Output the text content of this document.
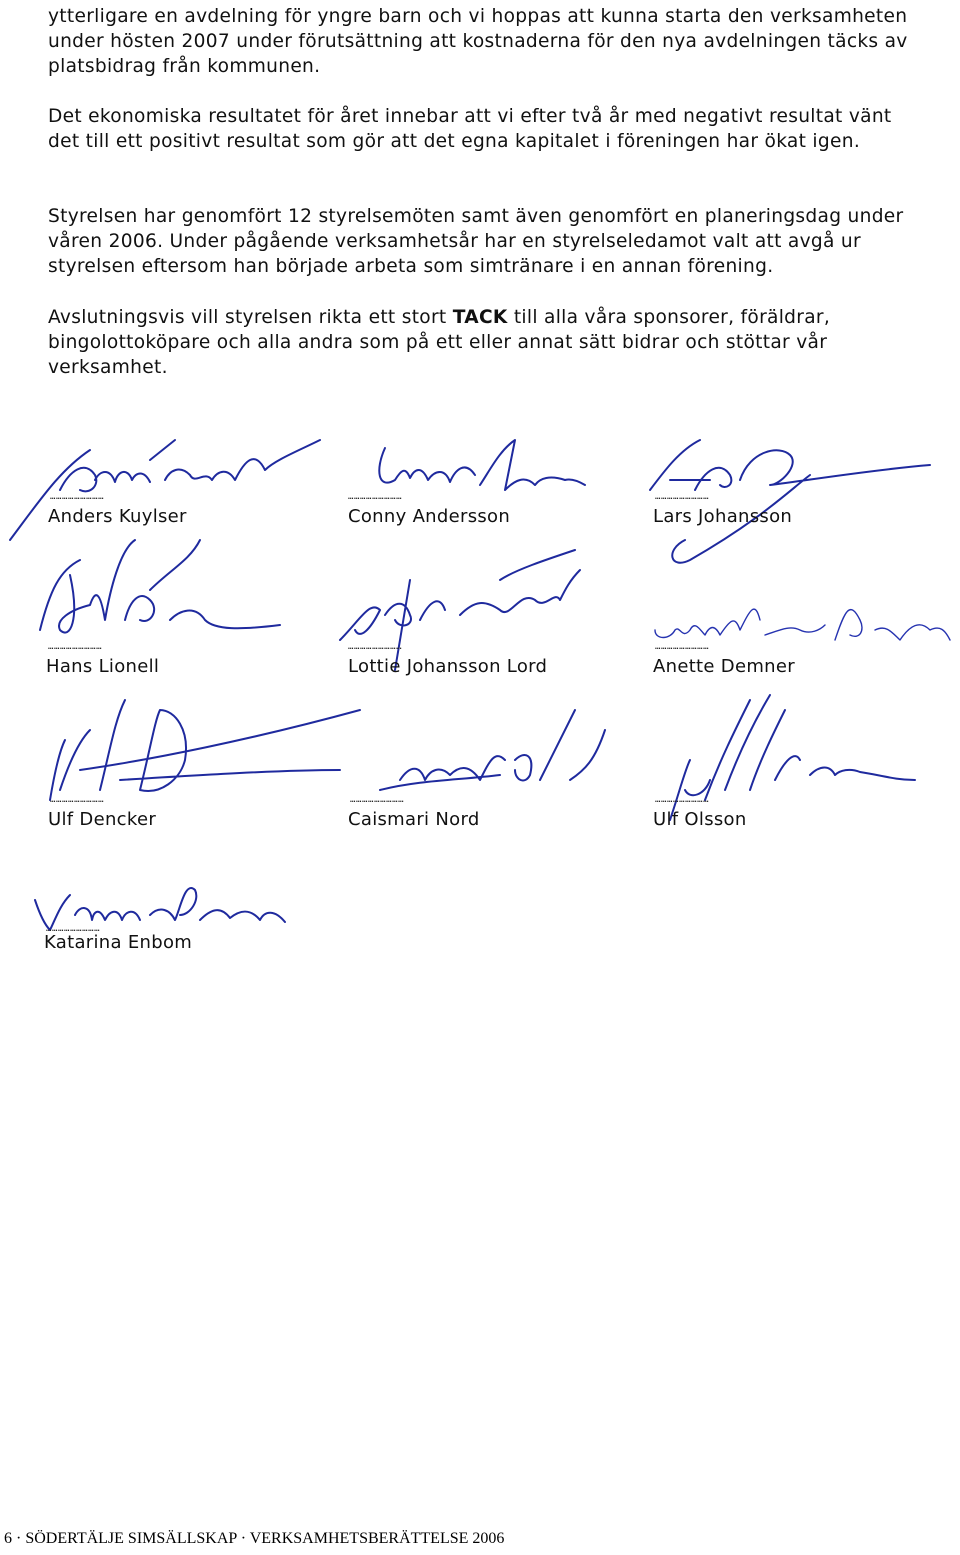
ytterligare en avdelning för yngre barn och vi hoppas att kunna starta den verksamheten under hösten 2007 under förutsättning att kostnaderna för den nya avdelningen täcks av platsbidrag från kommunen.

Det ekonomiska resultatet för året innebar att vi efter två år med negativt resultat vänt det till ett positivt resultat som gör att det egna kapitalet i föreningen har ökat igen.

Styrelsen har genomfört 12 styrelsemöten samt även genomfört en planeringsdag under våren 2006. Under pågående verksamhetsår har en styrelseledamot valt att avgå ur styrelsen eftersom han började arbeta som simtränare i en annan förening.

Avslutningsvis vill styrelsen rikta ett stort TACK till alla våra sponsorer, föräldrar, bingolottoköpare och alla andra som på ett eller annat sätt bidrar och stöttar vår verksamhet.

………………………
Anders Kuylser
………………………
Conny Andersson
………………………
Lars Johansson
………………………
Hans Lionell
………………………
Lottie Johansson Lord
………………………
Anette Demner
………………………
Ulf Dencker
………………………
Caismari Nord
………………………
Ulf Olsson
………………………
Katarina Enbom
6 · SÖDERTÄLJE SIMSÄLLSKAP · VERKSAMHETSBERÄTTELSE 2006
